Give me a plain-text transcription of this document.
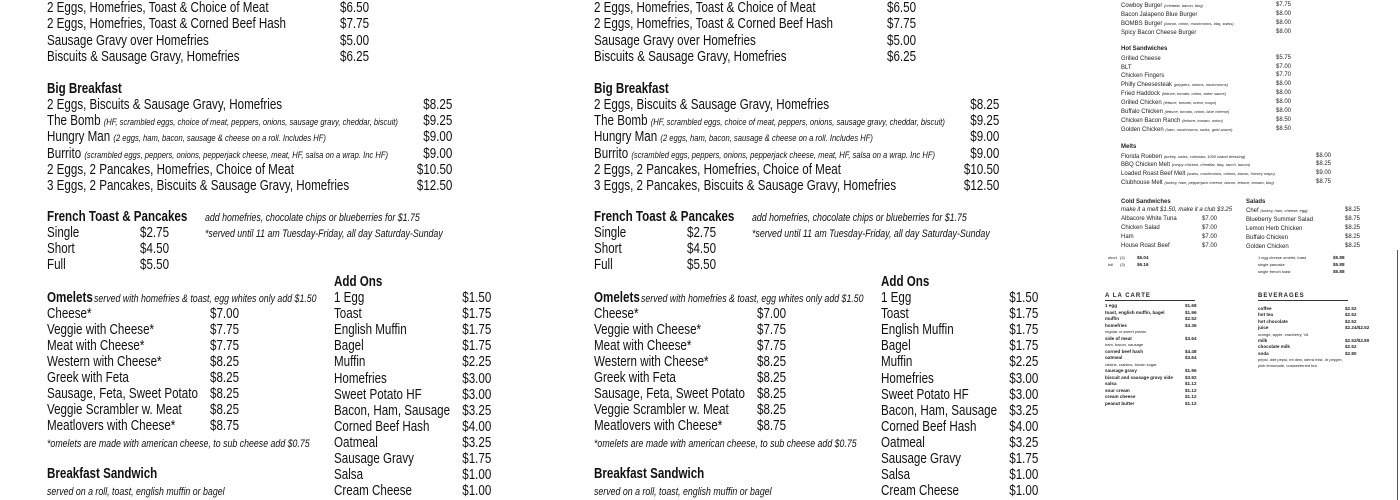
2 Eggs, Homefries, Toast & Choice of Meat	$6.50
2 Eggs, Homefries, Toast & Corned Beef Hash	$7.75
Sausage Gravy over Homefries	$5.00
Biscuits & Sausage Gravy, Homefries	$6.25
Big Breakfast
2 Eggs, Biscuits & Sausage Gravy, Homefries	$8.25
The Bomb (HF, scrambled eggs, choice of meat, peppers, onions, sausage gravy, cheddar, biscuit) $9.25
Hungry Man (2 eggs, ham, bacon, sausage & cheese on a roll. Includes HF)	$9.00
Burrito (scrambled eggs, peppers, onions, pepperjack cheese, meat, HF, salsa on a wrap. Inc HF) $9.00
2 Eggs, 2 Pancakes, Homefries, Choice of Meat	$10.50
3 Eggs, 2 Pancakes, Biscuits & Sausage Gravy, Homefries	$12.50
French Toast & Pancakes add homefries, chocolate chips or blueberries for $1.75
*served until 11 am Tuesday-Friday, all day Saturday-Sunday
Single	$2.75
Short	$4.50
Full	$5.50
Add Ons
1 Egg	$1.50
Toast	$1.75
English Muffin	$1.75
Bagel	$1.75
Muffin	$2.25
Homefries	$3.00
Sweet Potato HF	$3.00
Bacon, Ham, Sausage $3.25
Corned Beef Hash $4.00
Oatmeal	$3.25
Sausage Gravy	$1.75
Salsa	$1.00
Cream Cheese	$1.00
Omelets served with homefries & toast, egg whites only add $1.50
Cheese*	$7.00
Veggie with Cheese*	$7.75
Meat with Cheese*	$7.75
Western with Cheese*	$8.25
Greek with Feta	$8.25
Sausage, Feta, Sweet Potato $8.25
Veggie Scrambler w. Meat $8.25
Meatlovers with Cheese* $8.75
*omelets are made with american cheese, to sub cheese add $0.75
Breakfast Sandwich
served on a roll, toast, english muffin or bagel
2 Eggs, Homefries, Toast & Choice of Meat	$6.50
2 Eggs, Homefries, Toast & Corned Beef Hash	$7.75
Sausage Gravy over Homefries	$5.00
Biscuits & Sausage Gravy, Homefries	$6.25
Big Breakfast
2 Eggs, Biscuits & Sausage Gravy, Homefries	$8.25
The Bomb (HF, scrambled eggs, choice of meat, peppers, onions, sausage gravy, cheddar, biscuit) $9.25
Hungry Man (2 eggs, ham, bacon, sausage & cheese on a roll. Includes HF)	$9.00
Burrito (scrambled eggs, peppers, onions, pepperjack cheese, meat, HF, salsa on a wrap. Inc HF) $9.00
2 Eggs, 2 Pancakes, Homefries, Choice of Meat	$10.50
3 Eggs, 2 Pancakes, Biscuits & Sausage Gravy, Homefries	$12.50
French Toast & Pancakes add homefries, chocolate chips or blueberries for $1.75
*served until 11 am Tuesday-Friday, all day Saturday-Sunday
Single	$2.75
Short	$4.50
Full	$5.50
Add Ons
1 Egg	$1.50
Toast	$1.75
English Muffin	$1.75
Bagel	$1.75
Muffin	$2.25
Homefries	$3.00
Sweet Potato HF	$3.00
Bacon, Ham, Sausage $3.25
Corned Beef Hash $4.00
Oatmeal	$3.25
Sausage Gravy	$1.75
Salsa	$1.00
Cream Cheese	$1.00
Omelets served with homefries & toast, egg whites only add $1.50
Cheese*	$7.00
Veggie with Cheese*	$7.75
Meat with Cheese*	$7.75
Western with Cheese*	$8.25
Greek with Feta	$8.25
Sausage, Feta, Sweet Potato $8.25
Veggie Scrambler w. Meat $8.25
Meatlovers with Cheese* $8.75
*omelets are made with american cheese, to sub cheese add $0.75
Breakfast Sandwich
served on a roll, toast, english muffin or bagel
Cowboy Burger (cheddar, bacon, bbq)	$7.75
Bacon Jalapeno Blue Burger	$8.00
BOMBS Burger (bacon, onion, mushrooms, bbq, swiss)	$8.00
Spicy Bacon Cheese Burger	$8.00
Hot Sandwiches
Grilled Cheese	$5.75
BLT	$7.00
Chicken Fingers	$7.70
Philly Cheesesteak (peppers, onions, mushrooms)	$8.00
Fried Haddock (lettuce, tomato, onion, tarter sauce)	$8.00
Grilled Chicken (lettuce, tomato, onion, mayo)	$8.00
Buffalo Chicken (lettuce, tomato, onion, blue cheese)	$8.00
Chicken Bacon Ranch (lettuce, tomato, onion)	$8.50
Golden Chicken (ham, mushrooms, swiss, gold sauce)	$8.50
Melts
Florida Rueben (turkey, swiss, coleslaw, 1000 island dressing)	$8.00
BBQ Chicken Melt (crispy chicken, cheddar, bbq, ranch, bacon)	$8.25
Loaded Roast Beef Melt (swiss, mushrooms, onions, bacon, horsey mayo)	$9.00
Clubhouse Melt (turkey, ham, pepperjack cheese, bacon, lettuce, tomato, bbq)	$8.75
Cold Sandwiches
make it a melt $1.50, make it a club $3.25
Albacore White Tuna	$7.00
Chicken Salad	$7.00
Ham	$7.00
House Roast Beef	$7.00
Salads
Chef (turkey, ham, cheese, egg)	$8.25
Blueberry Summer Salad	$8.75
Lemon Herb Chicken	$8.25
Buffalo Chicken	$8.25
Golden Chicken	$8.25
short (2)	$5.04
full (3)	$6.16
1 egg cheese omelet, toast	$5.88
single pancake	$5.88
single french toast	$5.88
A LA CARTE
1 egg	$1.68
toast, english muffin, bagel	$1.96
muffin	$2.52
homefries	$3.36
regular or sweet potato
side of meat	$3.64
ham, bacon, sausage
corned beef hash	$4.48
oatmeal	$3.64
raisins, craisins, brown sugar
sausage gravy	$1.96
biscuit and sausage gravy side	$3.92
salsa	$1.12
sour cream	$1.12
cream cheese	$1.12
peanut butter	$1.12
BEVERAGES
coffee	$2.52
hot tea	$2.52
hot chocolate	$2.52
juice	$2.24/$2.52
orange, apple, cranberry, V8
milk	$2.52/$2.80
chocolate milk	$2.52
soda	$2.80
pepsi, diet pepsi, mt dew, sierra mist, dr pepper, pink lemonade, unsweetened tea
